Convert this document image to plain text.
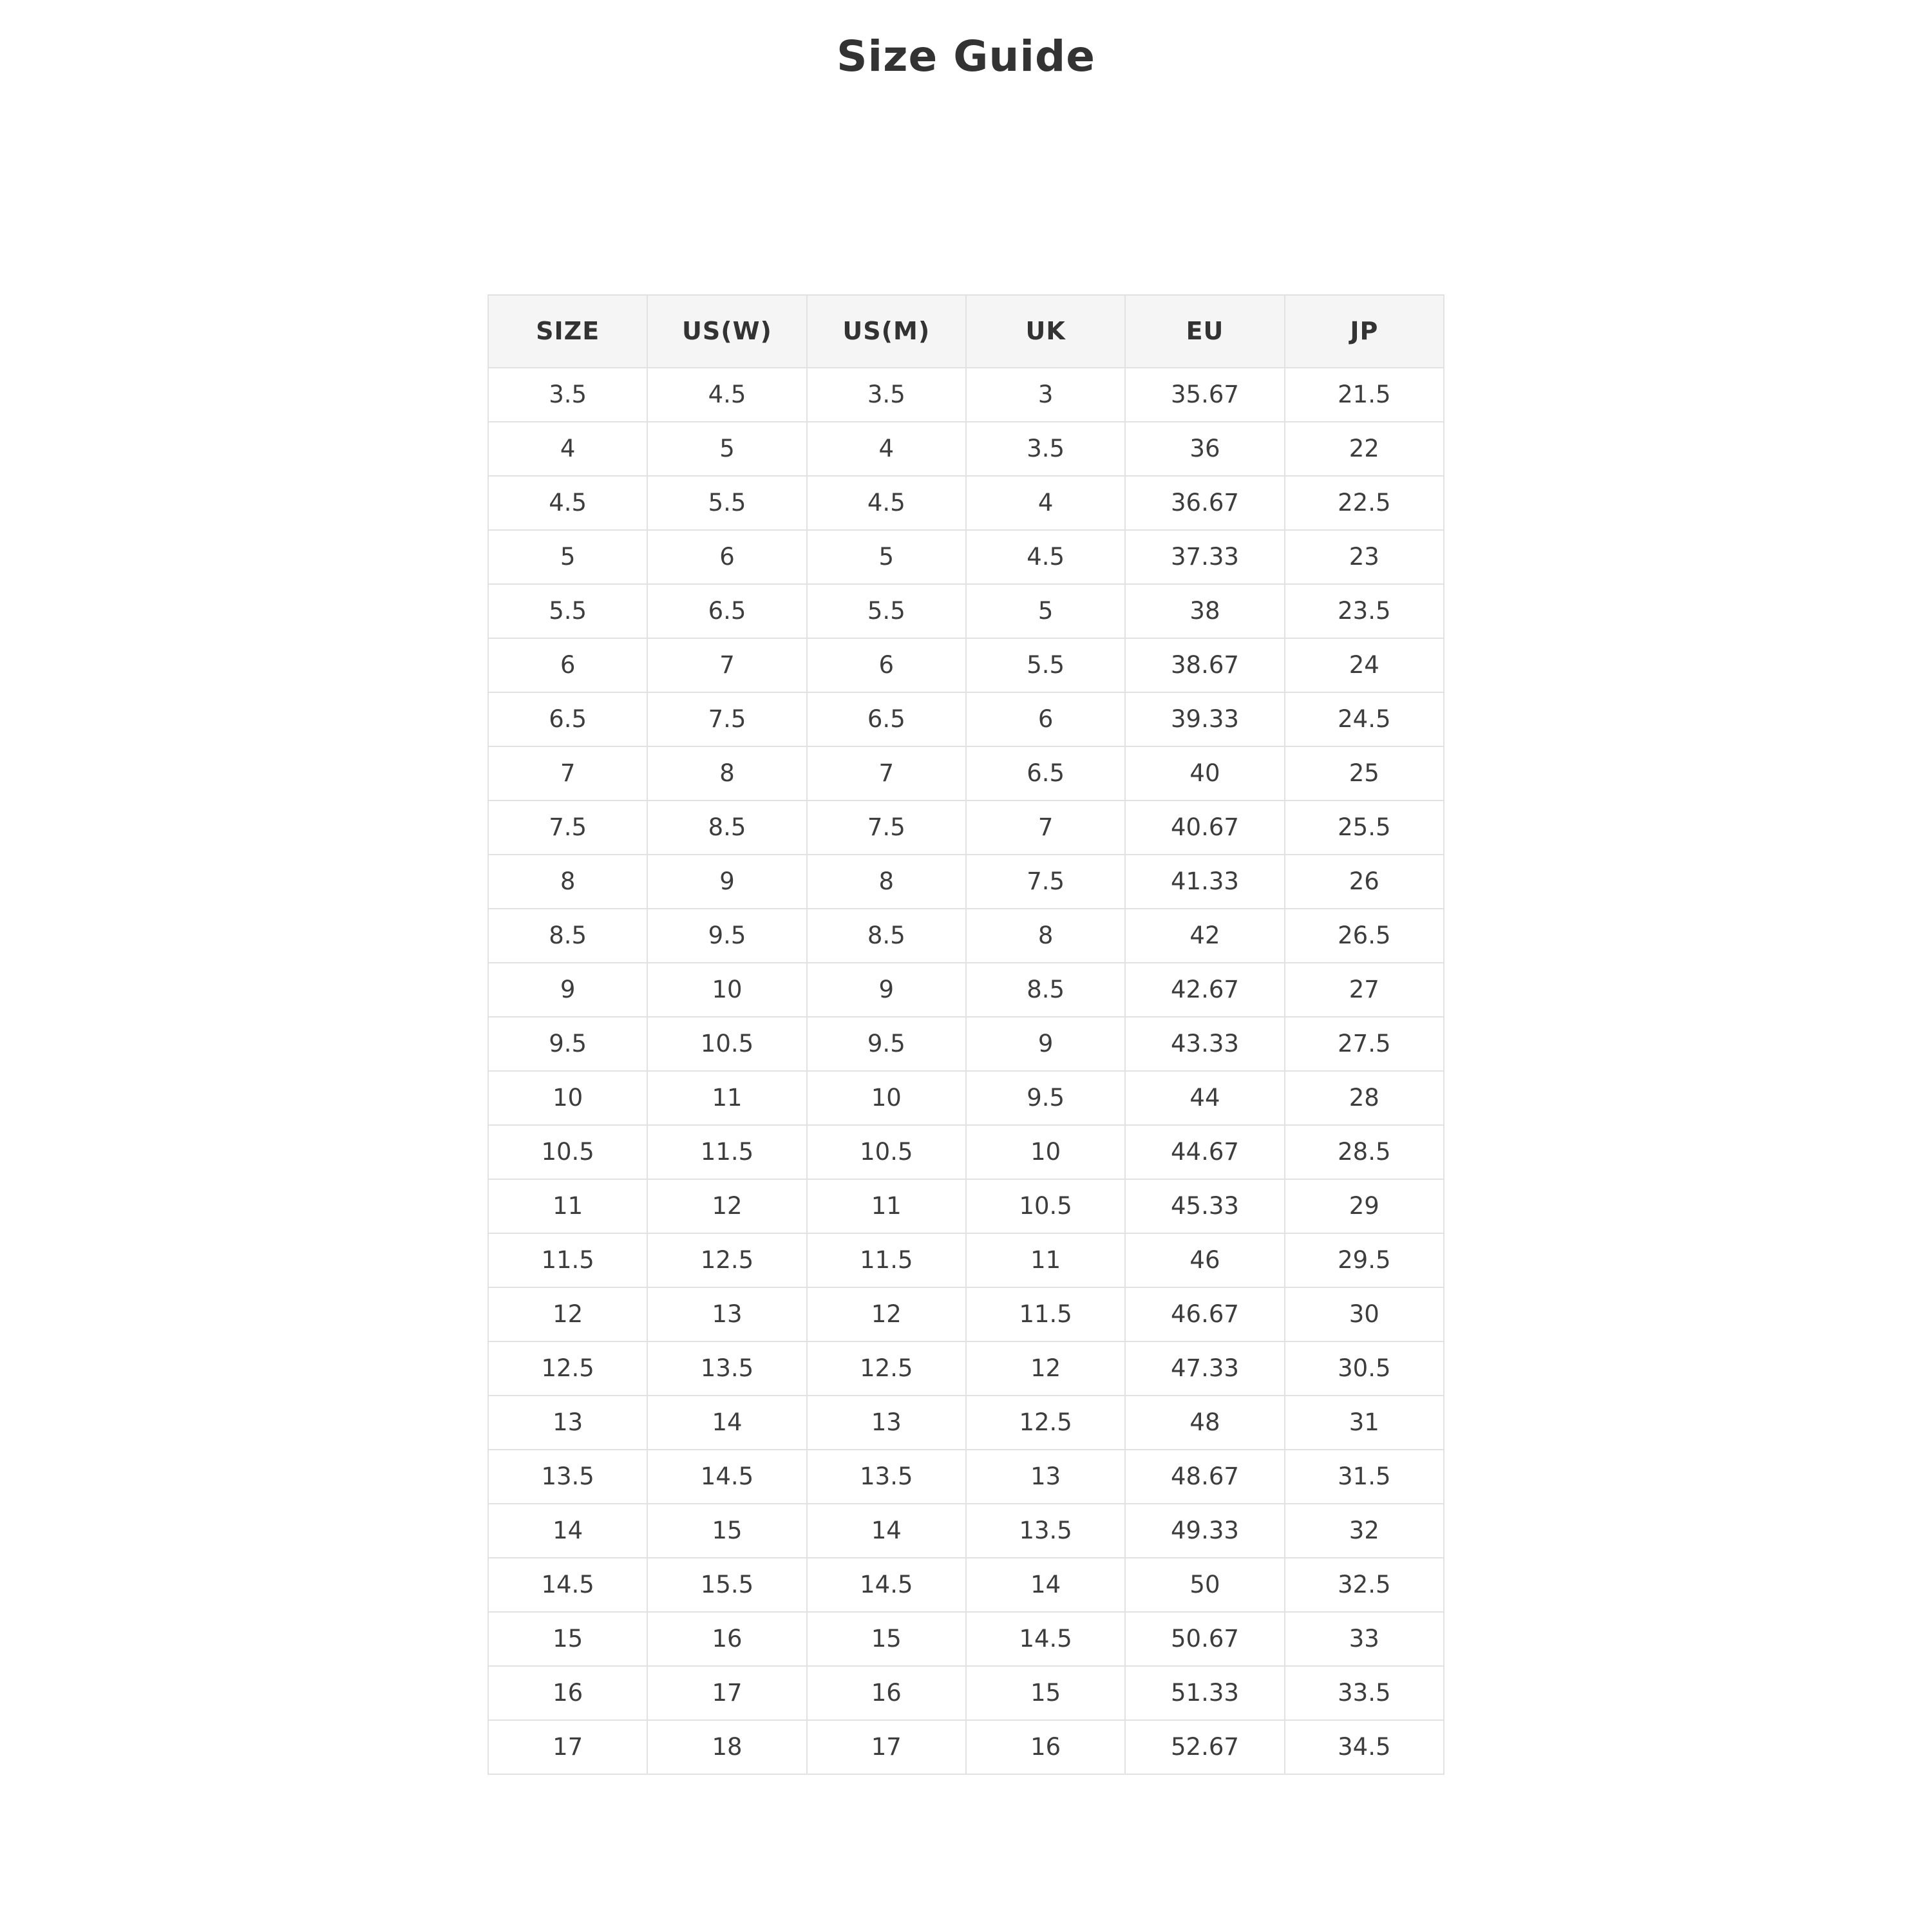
Size Guide
SIZE	US(W)	US(M)	UK	EU	JP
3.5	4.5	3.5	3	35.67	21.5
4	5	4	3.5	36	22
4.5	5.5	4.5	4	36.67	22.5
5	6	5	4.5	37.33	23
5.5	6.5	5.5	5	38	23.5
6	7	6	5.5	38.67	24
6.5	7.5	6.5	6	39.33	24.5
7	8	7	6.5	40	25
7.5	8.5	7.5	7	40.67	25.5
8	9	8	7.5	41.33	26
8.5	9.5	8.5	8	42	26.5
9	10	9	8.5	42.67	27
9.5	10.5	9.5	9	43.33	27.5
10	11	10	9.5	44	28
10.5	11.5	10.5	10	44.67	28.5
11	12	11	10.5	45.33	29
11.5	12.5	11.5	11	46	29.5
12	13	12	11.5	46.67	30
12.5	13.5	12.5	12	47.33	30.5
13	14	13	12.5	48	31
13.5	14.5	13.5	13	48.67	31.5
14	15	14	13.5	49.33	32
14.5	15.5	14.5	14	50	32.5
15	16	15	14.5	50.67	33
16	17	16	15	51.33	33.5
17	18	17	16	52.67	34.5
